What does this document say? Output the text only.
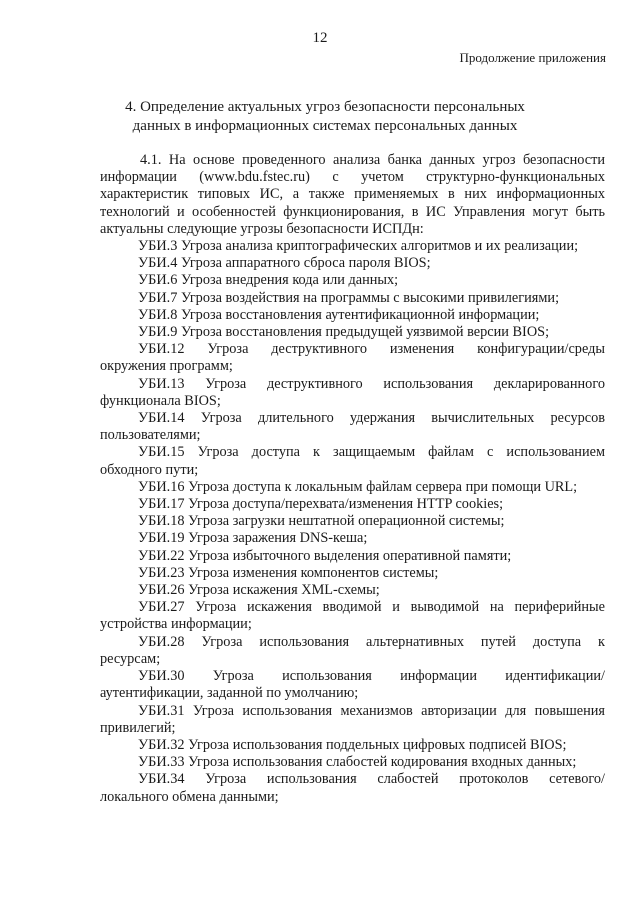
12
Продолжение приложения
4. Определение актуальных угроз безопасности персональных
данных в информационных системах персональных данных

4.1. На основе проведенного анализа банка данных угроз безопасности
информации (www.bdu.fstec.ru) с учетом структурно-функциональных
характеристик типовых ИС, а также применяемых в них информационных
технологий и особенностей функционирования, в ИС Управления могут быть
актуальны следующие угрозы безопасности ИСПДн:

УБИ.3 Угроза анализа криптографических алгоритмов и их реализации;

УБИ.4 Угроза аппаратного сброса пароля BIOS;

УБИ.6 Угроза внедрения кода или данных;

УБИ.7 Угроза воздействия на программы с высокими привилегиями;

УБИ.8 Угроза восстановления аутентификационной информации;

УБИ.9 Угроза восстановления предыдущей уязвимой версии BIOS;

УБИ.12 Угроза деструктивного изменения конфигурации/среды
окружения программ;

УБИ.13 Угроза деструктивного использования декларированного
функционала BIOS;

УБИ.14 Угроза длительного удержания вычислительных ресурсов
пользователями;

УБИ.15 Угроза доступа к защищаемым файлам с использованием
обходного пути;

УБИ.16 Угроза доступа к локальным файлам сервера при помощи URL;

УБИ.17 Угроза доступа/перехвата/изменения HTTP cookies;

УБИ.18 Угроза загрузки нештатной операционной системы;

УБИ.19 Угроза заражения DNS-кеша;

УБИ.22 Угроза избыточного выделения оперативной памяти;

УБИ.23 Угроза изменения компонентов системы;

УБИ.26 Угроза искажения XML-схемы;

УБИ.27 Угроза искажения вводимой и выводимой на периферийные
устройства информации;

УБИ.28 Угроза использования альтернативных путей доступа к
ресурсам;

УБИ.30 Угроза использования информации идентификации/
аутентификации, заданной по умолчанию;

УБИ.31 Угроза использования механизмов авторизации для повышения
привилегий;

УБИ.32 Угроза использования поддельных цифровых подписей BIOS;

УБИ.33 Угроза использования слабостей кодирования входных данных;

УБИ.34 Угроза использования слабостей протоколов сетевого/
локального обмена данными;
